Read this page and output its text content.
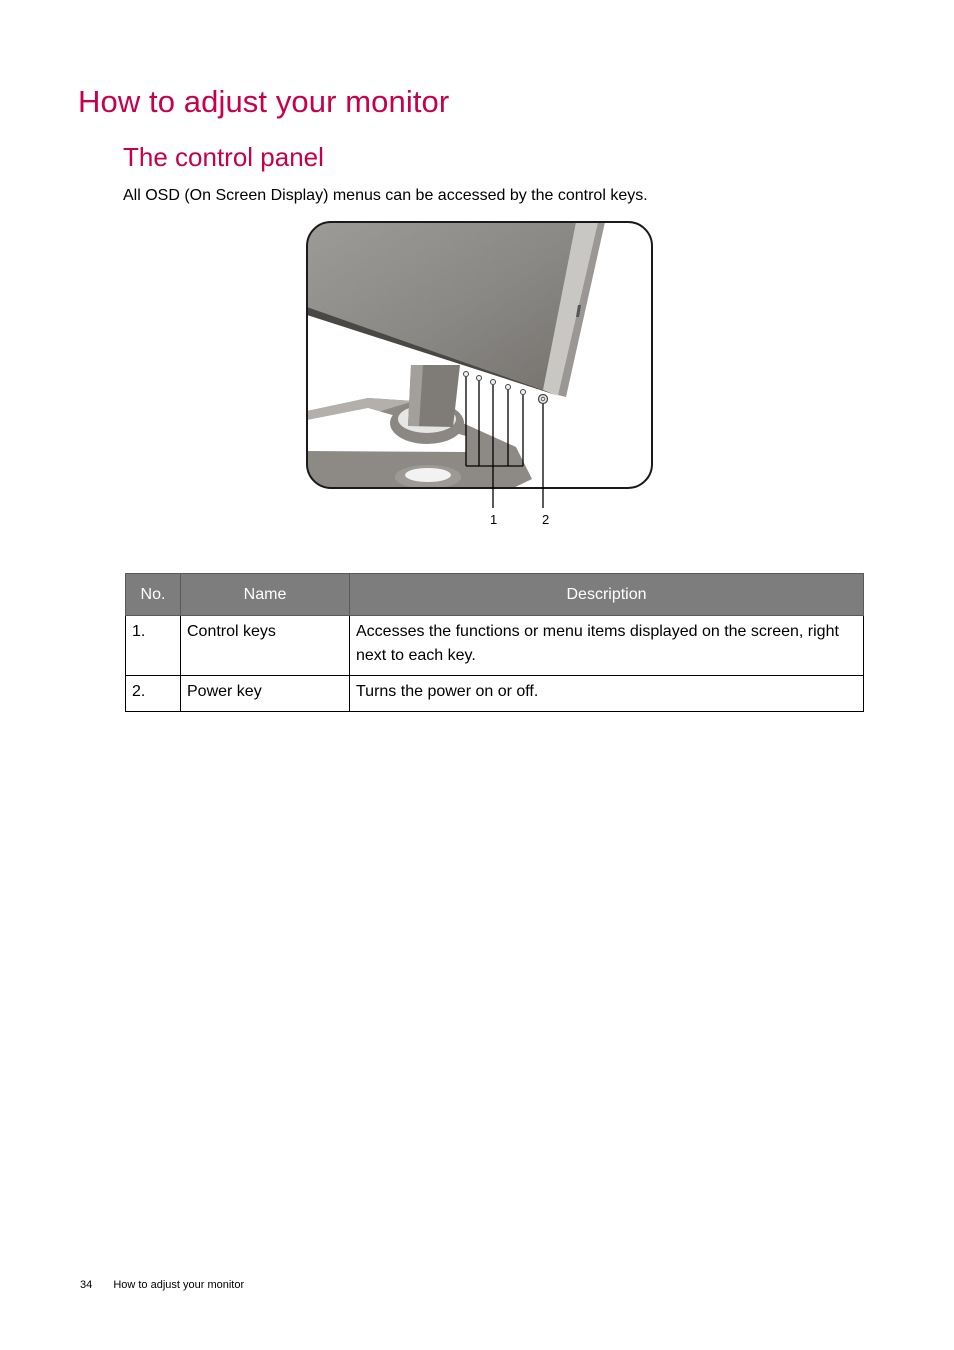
How to adjust your monitor
The control panel

All OSD (On Screen Display) menus can be accessed by the control keys.

1	2
No.	Name	Description
1.	Control keys	Accesses the functions or menu items displayed on the screen, right next to each key.
2.	Power key	Turns the power on or off.
34 How to adjust your monitor
